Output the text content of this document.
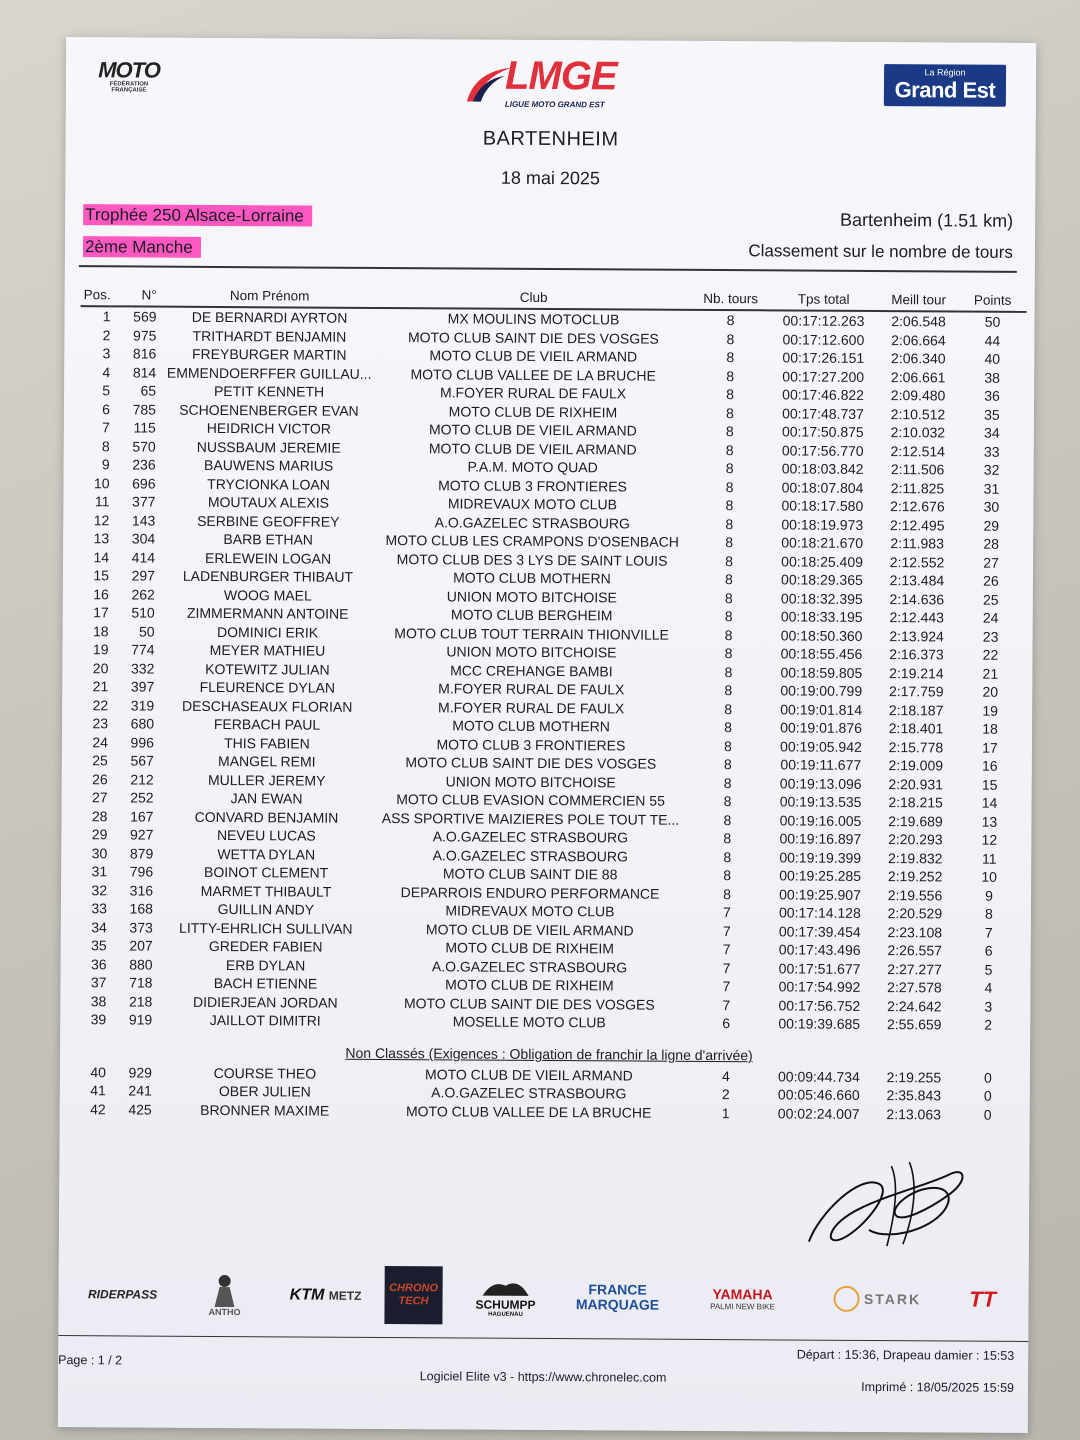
MOTO
FÉDÉRATION
FRANÇAISE	LMGE
LIGUE MOTO GRAND EST
La Région
Grand Est
BARTENHEIM
18 mai 2025
Trophée 250 Alsace-Lorraine
2ème Manche
Bartenheim (1.51 km)
Classement sur le nombre de tours
Pos.	N°	Nom Prénom	Club	Nb. tours	Tps total	Meill tour	Points
1	569	DE BERNARDI AYRTON	MX MOULINS MOTOCLUB	8	00:17:12.263	2:06.548	50
2	975	TRITHARDT BENJAMIN	MOTO CLUB SAINT DIE DES VOSGES	8	00:17:12.600	2:06.664	44
3	816	FREYBURGER MARTIN	MOTO CLUB DE VIEIL ARMAND	8	00:17:26.151	2:06.340	40
4	814	EMMENDOERFFER GUILLAU...	MOTO CLUB VALLEE DE LA BRUCHE	8	00:17:27.200	2:06.661	38
5	65	PETIT KENNETH	M.FOYER RURAL DE FAULX	8	00:17:46.822	2:09.480	36
6	785	SCHOENENBERGER EVAN	MOTO CLUB DE RIXHEIM	8	00:17:48.737	2:10.512	35
7	115	HEIDRICH VICTOR	MOTO CLUB DE VIEIL ARMAND	8	00:17:50.875	2:10.032	34
8	570	NUSSBAUM JEREMIE	MOTO CLUB DE VIEIL ARMAND	8	00:17:56.770	2:12.514	33
9	236	BAUWENS MARIUS	P.A.M. MOTO QUAD	8	00:18:03.842	2:11.506	32
10	696	TRYCIONKA LOAN	MOTO CLUB 3 FRONTIERES	8	00:18:07.804	2:11.825	31
11	377	MOUTAUX ALEXIS	MIDREVAUX MOTO CLUB	8	00:18:17.580	2:12.676	30
12	143	SERBINE GEOFFREY	A.O.GAZELEC STRASBOURG	8	00:18:19.973	2:12.495	29
13	304	BARB ETHAN	MOTO CLUB LES CRAMPONS D'OSENBACH	8	00:18:21.670	2:11.983	28
14	414	ERLEWEIN LOGAN	MOTO CLUB DES 3 LYS DE SAINT LOUIS	8	00:18:25.409	2:12.552	27
15	297	LADENBURGER THIBAUT	MOTO CLUB MOTHERN	8	00:18:29.365	2:13.484	26
16	262	WOOG MAEL	UNION MOTO BITCHOISE	8	00:18:32.395	2:14.636	25
17	510	ZIMMERMANN ANTOINE	MOTO CLUB BERGHEIM	8	00:18:33.195	2:12.443	24
18	50	DOMINICI ERIK	MOTO CLUB TOUT TERRAIN THIONVILLE	8	00:18:50.360	2:13.924	23
19	774	MEYER MATHIEU	UNION MOTO BITCHOISE	8	00:18:55.456	2:16.373	22
20	332	KOTEWITZ JULIAN	MCC CREHANGE BAMBI	8	00:18:59.805	2:19.214	21
21	397	FLEURENCE DYLAN	M.FOYER RURAL DE FAULX	8	00:19:00.799	2:17.759	20
22	319	DESCHASEAUX FLORIAN	M.FOYER RURAL DE FAULX	8	00:19:01.814	2:18.187	19
23	680	FERBACH PAUL	MOTO CLUB MOTHERN	8	00:19:01.876	2:18.401	18
24	996	THIS FABIEN	MOTO CLUB 3 FRONTIERES	8	00:19:05.942	2:15.778	17
25	567	MANGEL REMI	MOTO CLUB SAINT DIE DES VOSGES	8	00:19:11.677	2:19.009	16
26	212	MULLER JEREMY	UNION MOTO BITCHOISE	8	00:19:13.096	2:20.931	15
27	252	JAN EWAN	MOTO CLUB EVASION COMMERCIEN 55	8	00:19:13.535	2:18.215	14
28	167	CONVARD BENJAMIN	ASS SPORTIVE MAIZIERES POLE TOUT TE...	8	00:19:16.005	2:19.689	13
29	927	NEVEU LUCAS	A.O.GAZELEC STRASBOURG	8	00:19:16.897	2:20.293	12
30	879	WETTA DYLAN	A.O.GAZELEC STRASBOURG	8	00:19:19.399	2:19.832	11
31	796	BOINOT CLEMENT	MOTO CLUB SAINT DIE 88	8	00:19:25.285	2:19.252	10
32	316	MARMET THIBAULT	DEPARROIS ENDURO PERFORMANCE	8	00:19:25.907	2:19.556	9
33	168	GUILLIN ANDY	MIDREVAUX MOTO CLUB	7	00:17:14.128	2:20.529	8
34	373	LITTY-EHRLICH SULLIVAN	MOTO CLUB DE VIEIL ARMAND	7	00:17:39.454	2:23.108	7
35	207	GREDER FABIEN	MOTO CLUB DE RIXHEIM	7	00:17:43.496	2:26.557	6
36	880	ERB DYLAN	A.O.GAZELEC STRASBOURG	7	00:17:51.677	2:27.277	5
37	718	BACH ETIENNE	MOTO CLUB DE RIXHEIM	7	00:17:54.992	2:27.578	4
38	218	DIDIERJEAN JORDAN	MOTO CLUB SAINT DIE DES VOSGES	7	00:17:56.752	2:24.642	3
39	919	JAILLOT DIMITRI	MOSELLE MOTO CLUB	6	00:19:39.685	2:55.659	2

Non Classés (Exigences : Obligation de franchir la ligne d'arrivée)							
40	929	COURSE THEO	MOTO CLUB DE VIEIL ARMAND	4	00:09:44.734	2:19.255	0
41	241	OBER JULIEN	A.O.GAZELEC STRASBOURG	2	00:05:46.660	2:35.843	0
42	425	BRONNER MAXIME	MOTO CLUB VALLEE DE LA BRUCHE	1	00:02:24.007	2:13.063	0
RIDERPASS
ANTHO
KTM
METZ
CHRONO TECH	SCHUMPP
HAGUENAU
FRANCE MARQUAGE
YAMAHA
PALMI NEW BIKE	STARK TT
Page : 1 / 2	Départ : 15:36, Drapeau damier : 15:53
Logiciel Elite v3 - https://www.chronelec.com
Imprimé : 18/05/2025 15:59
